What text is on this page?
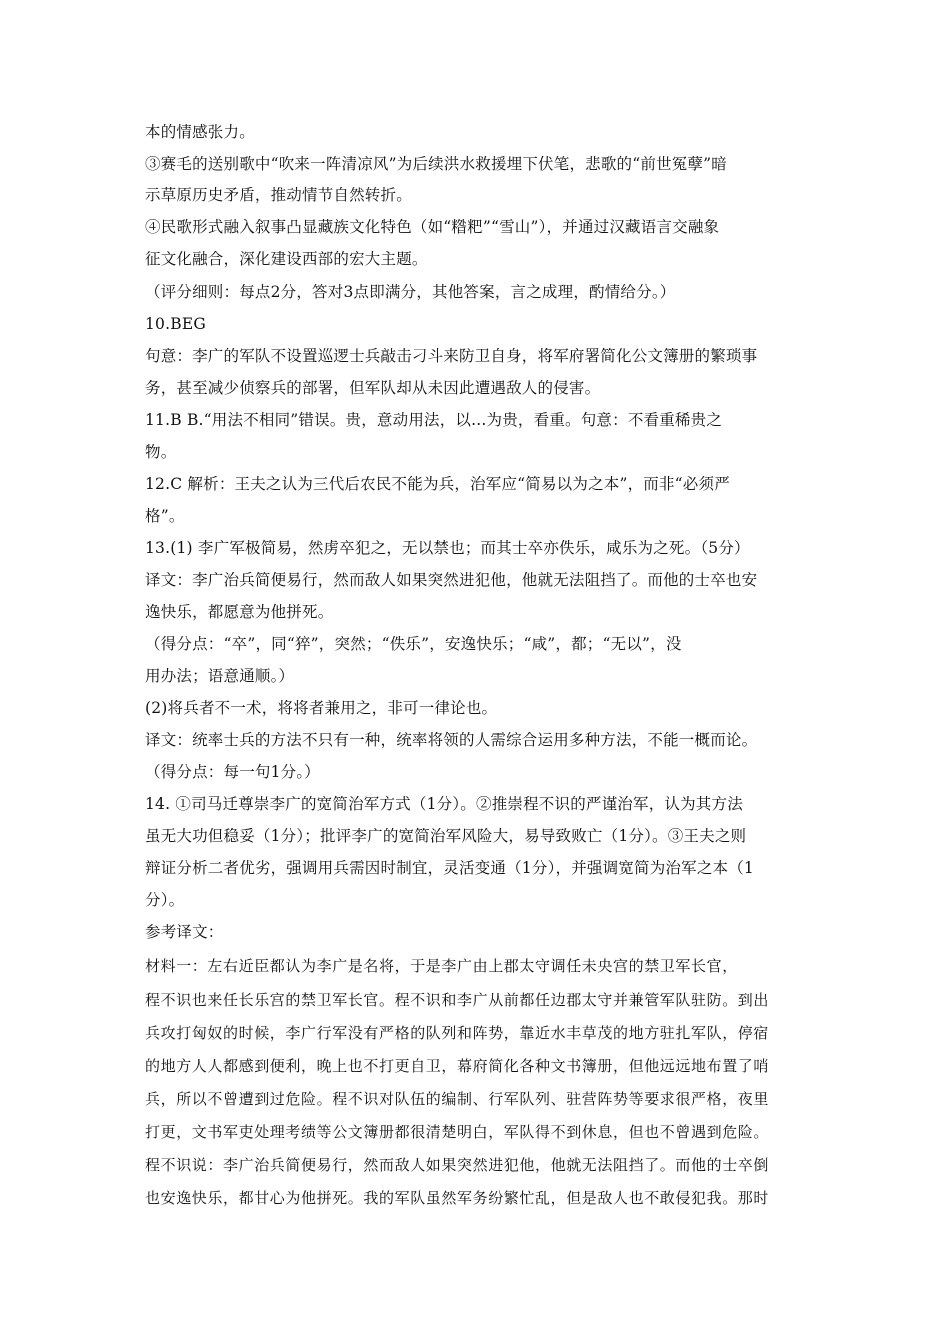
本的情感张力。
③赛毛的送别歌中“吹来一阵清凉风”为后续洪水救援埋下伏笔，悲歌的“前世冤孽”暗
示草原历史矛盾，推动情节自然转折。
④民歌形式融入叙事凸显藏族文化特色（如“糌粑”“雪山”），并通过汉藏语言交融象
征文化融合，深化建设西部的宏大主题。
（评分细则：每点2分，答对3点即满分，其他答案，言之成理，酌情给分。）
10.BEG
句意：李广的军队不设置巡逻士兵敲击刁斗来防卫自身，将军府署简化公文簿册的繁琐事
务，甚至减少侦察兵的部署，但军队却从未因此遭遇敌人的侵害。
11.B B.“用法不相同”错误。贵，意动用法，以...为贵，看重。句意：不看重稀贵之
物。
12.C 解析：王夫之认为三代后农民不能为兵，治军应“简易以为之本”，而非“必须严
格”。
13.(1) 李广军极简易，然虏卒犯之，无以禁也；而其士卒亦佚乐，咸乐为之死。（5分）
译文：李广治兵简便易行，然而敌人如果突然进犯他，他就无法阻挡了。而他的士卒也安
逸快乐，都愿意为他拼死。
（得分点：“卒”，同“猝”，突然；“佚乐”，安逸快乐；“咸”，都；“无以”，没
用办法；语意通顺。）
(2)将兵者不一术，将将者兼用之，非可一律论也。
译文：统率士兵的方法不只有一种，统率将领的人需综合运用多种方法，不能一概而论。
（得分点：每一句1分。）
14. ①司马迁尊崇李广的宽简治军方式（1分）。②推崇程不识的严谨治军，认为其方法
虽无大功但稳妥（1分）；批评李广的宽简治军风险大，易导致败亡（1分）。③王夫之则
辩证分析二者优劣，强调用兵需因时制宜，灵活变通（1分），并强调宽简为治军之本（1
分）。
参考译文：
材料一：左右近臣都认为李广是名将，于是李广由上郡太守调任未央宫的禁卫军长官，
程不识也来任长乐宫的禁卫军长官。程不识和李广从前都任边郡太守并兼管军队驻防。到出
兵攻打匈奴的时候，李广行军没有严格的队列和阵势，靠近水丰草茂的地方驻扎军队，停宿
的地方人人都感到便利，晚上也不打更自卫，幕府简化各种文书簿册，但他远远地布置了哨
兵，所以不曾遭到过危险。程不识对队伍的编制、行军队列、驻营阵势等要求很严格，夜里
打更，文书军吏处理考绩等公文簿册都很清楚明白，军队得不到休息，但也不曾遇到危险。
程不识说：李广治兵简便易行，然而敌人如果突然进犯他，他就无法阻挡了。而他的士卒倒
也安逸快乐，都甘心为他拼死。我的军队虽然军务纷繁忙乱，但是敌人也不敢侵犯我。那时
